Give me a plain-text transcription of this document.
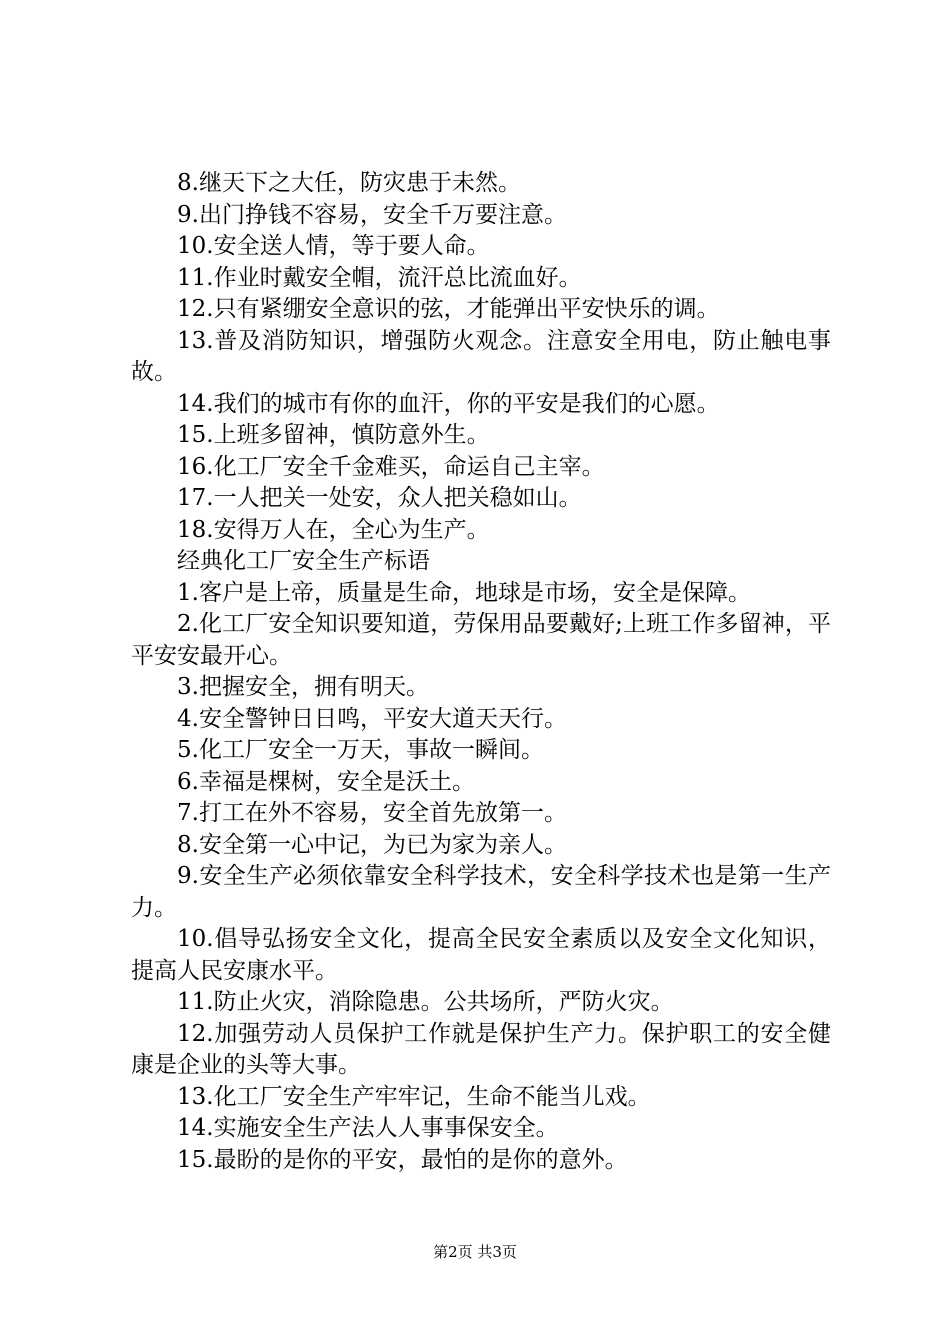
8.继天下之大任，防灾患于未然。

9.出门挣钱不容易，安全千万要注意。

10.安全送人情，等于要人命。

11.作业时戴安全帽，流汗总比流血好。

12.只有紧绷安全意识的弦，才能弹出平安快乐的调。

13.普及消防知识，增强防火观念。注意安全用电，防止触电事故。

14.我们的城市有你的血汗，你的平安是我们的心愿。

15.上班多留神，慎防意外生。

16.化工厂安全千金难买，命运自己主宰。

17.一人把关一处安，众人把关稳如山。

18.安得万人在，全心为生产。

经典化工厂安全生产标语

1.客户是上帝，质量是生命，地球是市场，安全是保障。

2.化工厂安全知识要知道，劳保用品要戴好;上班工作多留神，平平安安最开心。

3.把握安全，拥有明天。

4.安全警钟日日鸣，平安大道天天行。

5.化工厂安全一万天，事故一瞬间。

6.幸福是棵树，安全是沃土。

7.打工在外不容易，安全首先放第一。

8.安全第一心中记，为已为家为亲人。

9.安全生产必须依靠安全科学技术，安全科学技术也是第一生产力。

10.倡导弘扬安全文化，提高全民安全素质以及安全文化知识，提高人民安康水平。

11.防止火灾，消除隐患。公共场所，严防火灾。

12.加强劳动人员保护工作就是保护生产力。保护职工的安全健康是企业的头等大事。

13.化工厂安全生产牢牢记，生命不能当儿戏。

14.实施安全生产法人人事事保安全。

15.最盼的是你的平安，最怕的是你的意外。

第2页 共3页
